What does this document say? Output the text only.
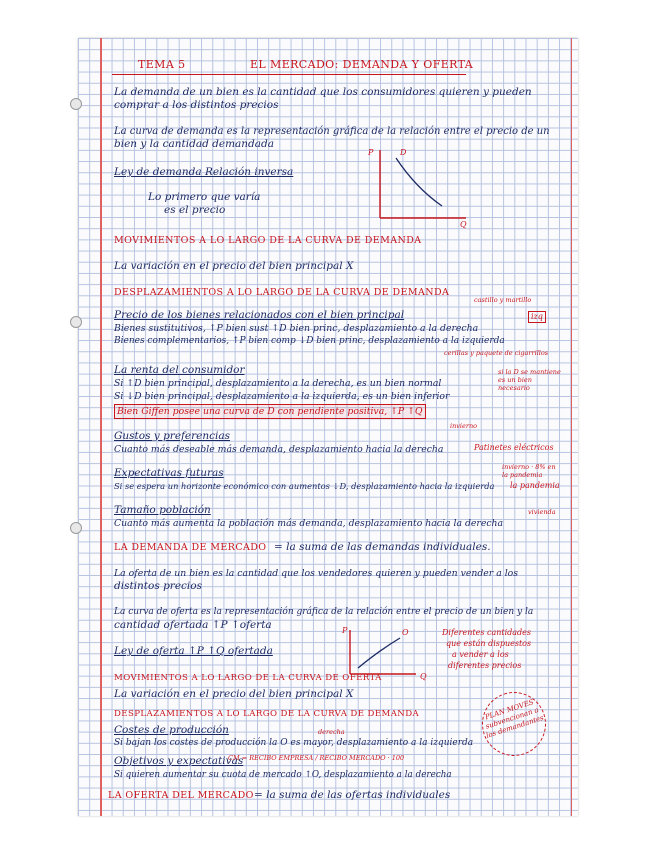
TEMA 5	EL MERCADO: DEMANDA Y OFERTA
La demanda de un bien es la cantidad que los consumidores quieren y pueden
comprar a los distintos precios
La curva de demanda es la representación gráfica de la relación entre el precio de un
bien y la cantidad demandada
Ley de demanda Relación inversa
Lo primero que varía
es el precio
P	D
Q
MOVIMIENTOS A LO LARGO DE LA CURVA DE DEMANDA
La variación en el precio del bien principal X
DESPLAZAMIENTOS A LO LARGO DE LA CURVA DE DEMANDA
castillo y martillo
Precio de los bienes relacionados con el bien principal	izq
Bienes sustitutivos, ↑P bien sust ↑D bien princ, desplazamiento a la derecha
Bienes complementarios, ↑P bien comp ↓D bien princ, desplazamiento a la izquierda
cerillas y paquete de cigarrillos
La renta del consumidor
Si ↑D bien principal, desplazamiento a la derecha, es un bien normal
Si ↓D bien principal, desplazamiento a la izquierda, es un bien inferior
si la D se mantiene es un bien necesario
Bien Giffen posee una curva de D con pendiente positiva, ↑P ↑Q
Gustos y preferencias
invierno
Cuanto más deseable más demanda, desplazamiento hacia la derecha	Patinetes eléctricos
Expectativas futuras	invierno · 8% en la pandemia
Si se espera un horizonte económico con aumentos ↓D, desplazamiento hacia la izquierda la pandemia
Tamaño población	vivienda
Cuanto más aumenta la población más demanda, desplazamiento hacia la derecha
LA DEMANDA DE MERCADO = la suma de las demandas individuales.
La oferta de un bien es la cantidad que los vendedores quieren y pueden vender a los
distintos precios
La curva de oferta es la representación gráfica de la relación entre el precio de un bien y la
cantidad ofertada ↑P ↑oferta
Ley de oferta ↑P ↑Q ofertada
P	O
Q
Diferentes cantidades
que están dispuestos
a vender a los
diferentes precios
MOVIMIENTOS A LO LARGO DE LA CURVA DE OFERTA
La variación en el precio del bien principal X
DESPLAZAMIENTOS A LO LARGO DE LA CURVA DE DEMANDA
Costes de producción	derecha
Si bajan los costes de producción la O es mayor, desplazamiento a la izquierda
Objetivos y expectativas
CM = RECIBO EMPRESA / RECIBO MERCADO · 100
Si quieren aumentar su cuota de mercado ↑O, desplazamiento a la derecha
PLAN MOVES subvencionan a los demandantes
LA OFERTA DEL MERCADO = la suma de las ofertas individuales
